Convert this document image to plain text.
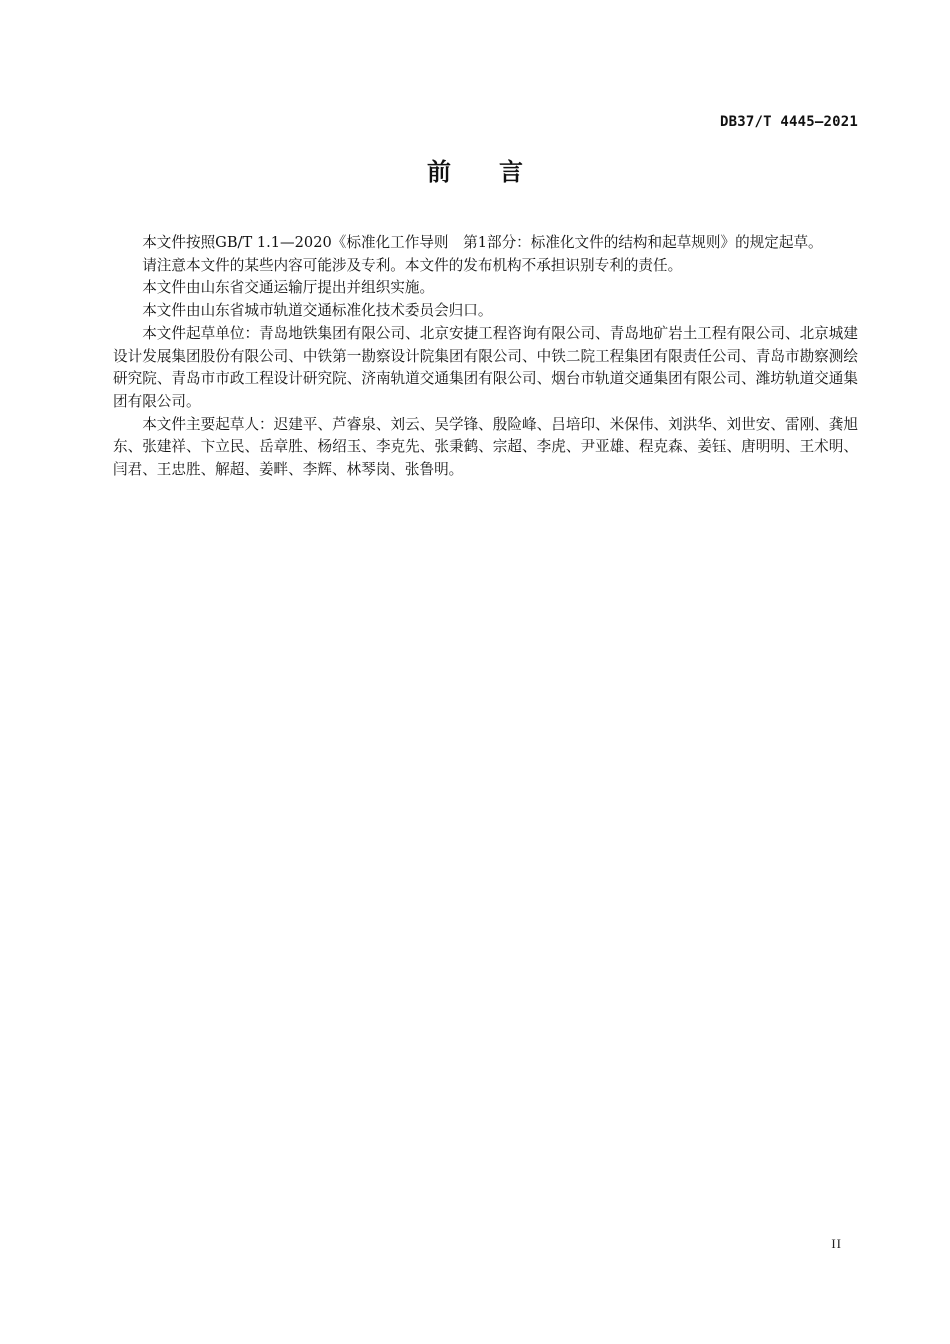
DB37/T 4445—2021
前言

本文件按照GB/T 1.1—2020《标准化工作导则　第1部分：标准化文件的结构和起草规则》的规定起草。

请注意本文件的某些内容可能涉及专利。本文件的发布机构不承担识别专利的责任。

本文件由山东省交通运输厅提出并组织实施。

本文件由山东省城市轨道交通标准化技术委员会归口。

本文件起草单位：青岛地铁集团有限公司、北京安捷工程咨询有限公司、青岛地矿岩土工程有限公司、北京城建设计发展集团股份有限公司、中铁第一勘察设计院集团有限公司、中铁二院工程集团有限责任公司、青岛市勘察测绘研究院、青岛市市政工程设计研究院、济南轨道交通集团有限公司、烟台市轨道交通集团有限公司、潍坊轨道交通集团有限公司。

本文件主要起草人：迟建平、芦睿泉、刘云、吴学锋、殷险峰、吕培印、米保伟、刘洪华、刘世安、雷刚、龚旭东、张建祥、卞立民、岳章胜、杨绍玉、李克先、张秉鹤、宗超、李虎、尹亚雄、程克森、姜钰、唐明明、王术明、闫君、王忠胜、解超、姜畔、李辉、林琴岗、张鲁明。

II
